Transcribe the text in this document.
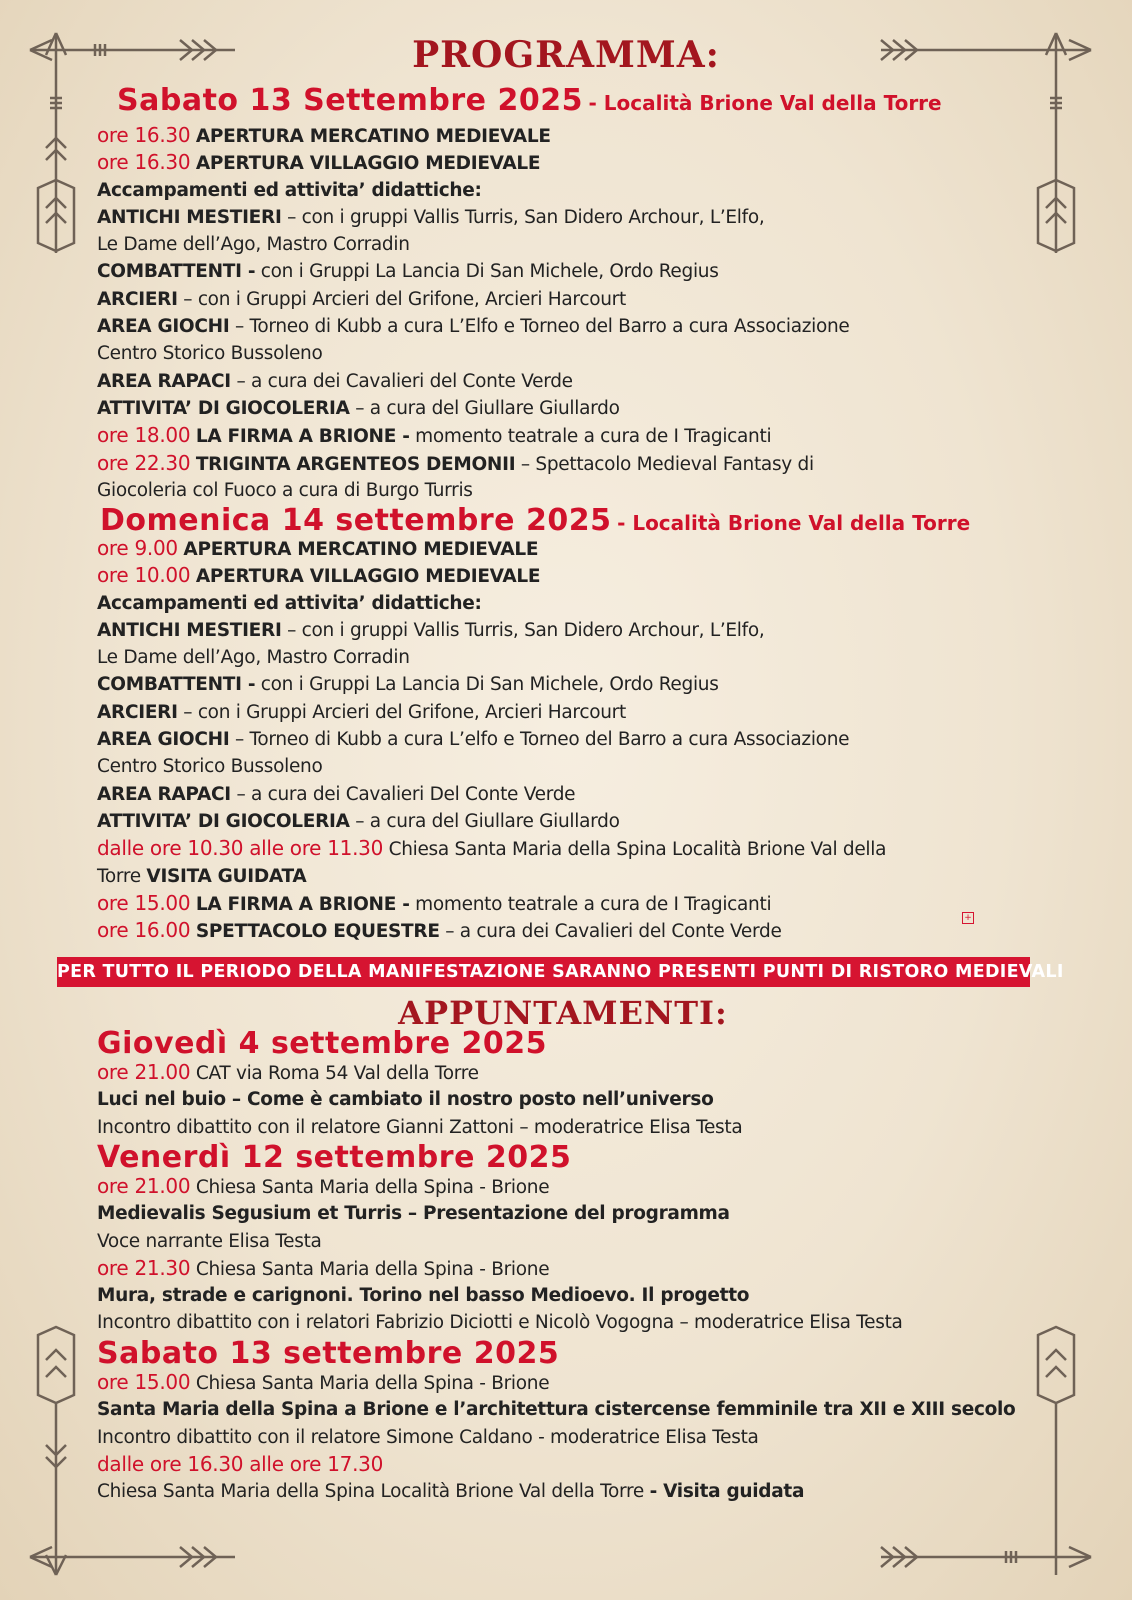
PROGRAMMA:
Sabato 13 Settembre 2025 - Località Brione Val della Torre
ore 16.30 APERTURA MERCATINO MEDIEVALE
ore 16.30 APERTURA VILLAGGIO MEDIEVALE
Accampamenti ed attivita’ didattiche:
ANTICHI MESTIERI – con i gruppi Vallis Turris, San Didero Archour, L’Elfo,
Le Dame dell’Ago, Mastro Corradin
COMBATTENTI - con i Gruppi La Lancia Di San Michele, Ordo Regius
ARCIERI – con i Gruppi Arcieri del Grifone, Arcieri Harcourt
AREA GIOCHI – Torneo di Kubb a cura L’Elfo e Torneo del Barro a cura Associazione
Centro Storico Bussoleno
AREA RAPACI – a cura dei Cavalieri del Conte Verde
ATTIVITA’ DI GIOCOLERIA – a cura del Giullare Giullardo
ore 18.00 LA FIRMA A BRIONE - momento teatrale a cura de I Tragicanti
ore 22.30 TRIGINTA ARGENTEOS DEMONII – Spettacolo Medieval Fantasy di
Giocoleria col Fuoco a cura di Burgo Turris
Domenica 14 settembre 2025 - Località Brione Val della Torre
ore 9.00 APERTURA MERCATINO MEDIEVALE
ore 10.00 APERTURA VILLAGGIO MEDIEVALE
Accampamenti ed attivita’ didattiche:
ANTICHI MESTIERI – con i gruppi Vallis Turris, San Didero Archour, L’Elfo,
Le Dame dell’Ago, Mastro Corradin
COMBATTENTI - con i Gruppi La Lancia Di San Michele, Ordo Regius
ARCIERI – con i Gruppi Arcieri del Grifone, Arcieri Harcourt
AREA GIOCHI – Torneo di Kubb a cura L’elfo e Torneo del Barro a cura Associazione
Centro Storico Bussoleno
AREA RAPACI – a cura dei Cavalieri Del Conte Verde
ATTIVITA’ DI GIOCOLERIA – a cura del Giullare Giullardo
dalle ore 10.30 alle ore 11.30 Chiesa Santa Maria della Spina Località Brione Val della
Torre VISITA GUIDATA
ore 15.00 LA FIRMA A BRIONE - momento teatrale a cura de I Tragicanti
ore 16.00 SPETTACOLO EQUESTRE – a cura dei Cavalieri del Conte Verde
+
PER TUTTO IL PERIODO DELLA MANIFESTAZIONE SARANNO PRESENTI PUNTI DI RISTORO MEDIEVALI
APPUNTAMENTI:
Giovedì 4 settembre 2025
ore 21.00 CAT via Roma 54 Val della Torre
Luci nel buio – Come è cambiato il nostro posto nell’universo
Incontro dibattito con il relatore Gianni Zattoni – moderatrice Elisa Testa
Venerdì 12 settembre 2025
ore 21.00 Chiesa Santa Maria della Spina - Brione
Medievalis Segusium et Turris – Presentazione del programma
Voce narrante Elisa Testa
ore 21.30 Chiesa Santa Maria della Spina - Brione
Mura, strade e carignoni. Torino nel basso Medioevo. Il progetto
Incontro dibattito con i relatori Fabrizio Diciotti e Nicolò Vogogna – moderatrice Elisa Testa
Sabato 13 settembre 2025
ore 15.00 Chiesa Santa Maria della Spina - Brione
Santa Maria della Spina a Brione e l’architettura cistercense femminile tra XII e XIII secolo
Incontro dibattito con il relatore Simone Caldano - moderatrice Elisa Testa
dalle ore 16.30 alle ore 17.30
Chiesa Santa Maria della Spina Località Brione Val della Torre - Visita guidata
